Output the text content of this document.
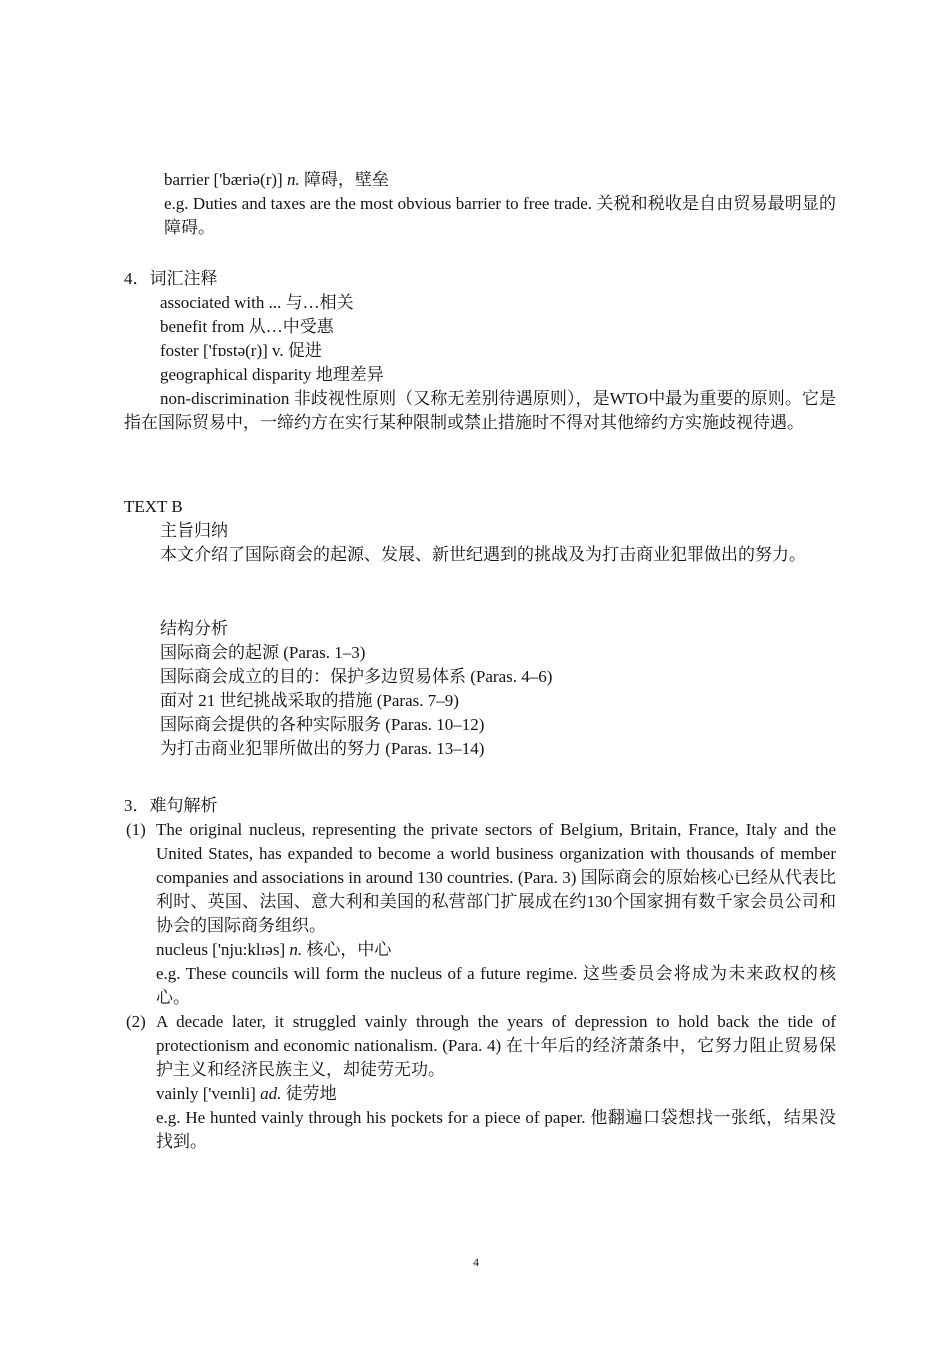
barrier ['bæriə(r)] n. 障碍，壁垒
e.g. Duties and taxes are the most obvious barrier to free trade. 关税和税收是自由贸易最明显的障碍。
4．词汇注释
associated with ... 与…相关
benefit from 从…中受惠
foster ['fɒstə(r)] v. 促进
geographical disparity 地理差异
non-discrimination 非歧视性原则（又称无差别待遇原则），是WTO中最为重要的原则。它是指在国际贸易中，一缔约方在实行某种限制或禁止措施时不得对其他缔约方实施歧视待遇。
TEXT B
主旨归纳
本文介绍了国际商会的起源、发展、新世纪遇到的挑战及为打击商业犯罪做出的努力。
结构分析
国际商会的起源 (Paras. 1–3)
国际商会成立的目的：保护多边贸易体系 (Paras. 4–6)
面对 21 世纪挑战采取的措施 (Paras. 7–9)
国际商会提供的各种实际服务 (Paras. 10–12)
为打击商业犯罪所做出的努力 (Paras. 13–14)
3．难句解析
(1) The original nucleus, representing the private sectors of Belgium, Britain, France, Italy and the United States, has expanded to become a world business organization with thousands of member companies and associations in around 130 countries. (Para. 3) 国际商会的原始核心已经从代表比利时、英国、法国、意大利和美国的私营部门扩展成在约130个国家拥有数千家会员公司和协会的国际商务组织。
nucleus ['nju:klɪəs] n. 核心，中心
e.g. These councils will form the nucleus of a future regime. 这些委员会将成为未来政权的核心。
(2) A decade later, it struggled vainly through the years of depression to hold back the tide of protectionism and economic nationalism. (Para. 4) 在十年后的经济萧条中，它努力阻止贸易保护主义和经济民族主义，却徒劳无功。
vainly ['veɪnli] ad. 徒劳地
e.g. He hunted vainly through his pockets for a piece of paper. 他翻遍口袋想找一张纸，结果没找到。
4
